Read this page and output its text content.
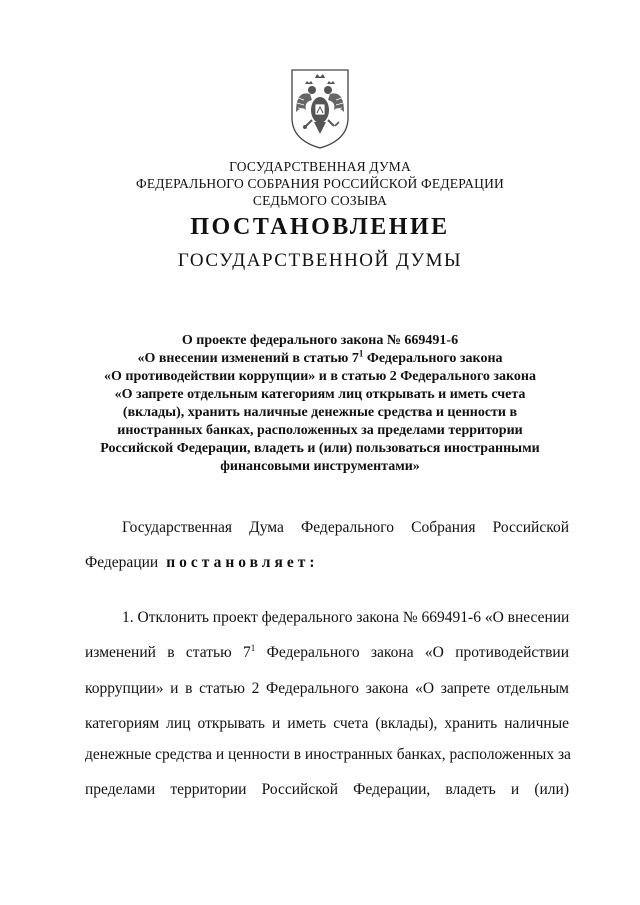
ГОСУДАРСТВЕННАЯ ДУМА
ФЕДЕРАЛЬНОГО СОБРАНИЯ РОССИЙСКОЙ ФЕДЕРАЦИИ
СЕДЬМОГО СОЗЫВА
ПОСТАНОВЛЕНИЕ
ГОСУДАРСТВЕННОЙ ДУМЫ
О проекте федерального закона № 669491-6
«О внесении изменений в статью $7^1$ Федерального закона
«О противодействии коррупции» и в статью 2 Федерального закона
«О запрете отдельным категориям лиц открывать и иметь счета
(вклады), хранить наличные денежные средства и ценности в
иностранных банках, расположенных за пределами территории
Российской Федерации, владеть и (или) пользоваться иностранными
финансовыми инструментами»
Государственная Дума Федерального Собрания Российской
Федерации постановляет:
1. Отклонить проект федерального закона № 669491-6 «О внесении
изменений в статью $7^1$ Федерального закона «О противодействии
коррупции» и в статью 2 Федерального закона «О запрете отдельным
категориям лиц открывать и иметь счета (вклады), хранить наличные
денежные средства и ценности в иностранных банках, расположенных за
пределами территории Российской Федерации, владеть и (или)
